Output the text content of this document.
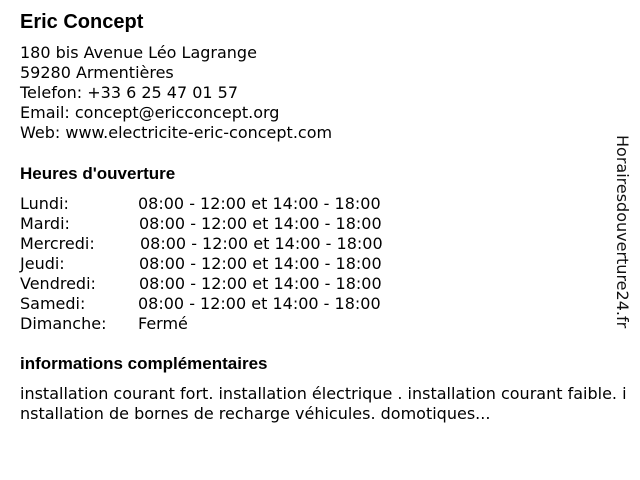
Eric Concept
180 bis Avenue Léo Lagrange
59280 Armentières
Telefon: +33 6 25 47 01 57
Email: concept@ericconcept.org
Web: www.electricite-eric-concept.com
Heures d'ouverture
Lundi:	08:00 - 12:00 et 14:00 - 18:00
Mardi:	08:00 - 12:00 et 14:00 - 18:00
Mercredi:	08:00 - 12:00 et 14:00 - 18:00
Jeudi:	08:00 - 12:00 et 14:00 - 18:00
Vendredi:	08:00 - 12:00 et 14:00 - 18:00
Samedi:	08:00 - 12:00 et 14:00 - 18:00
Dimanche: Fermé
informations complémentaires
installation courant fort. installation électrique . installation courant faible. installation de bornes de recharge véhicules. domotiques...
Horairesdouverture24.fr
